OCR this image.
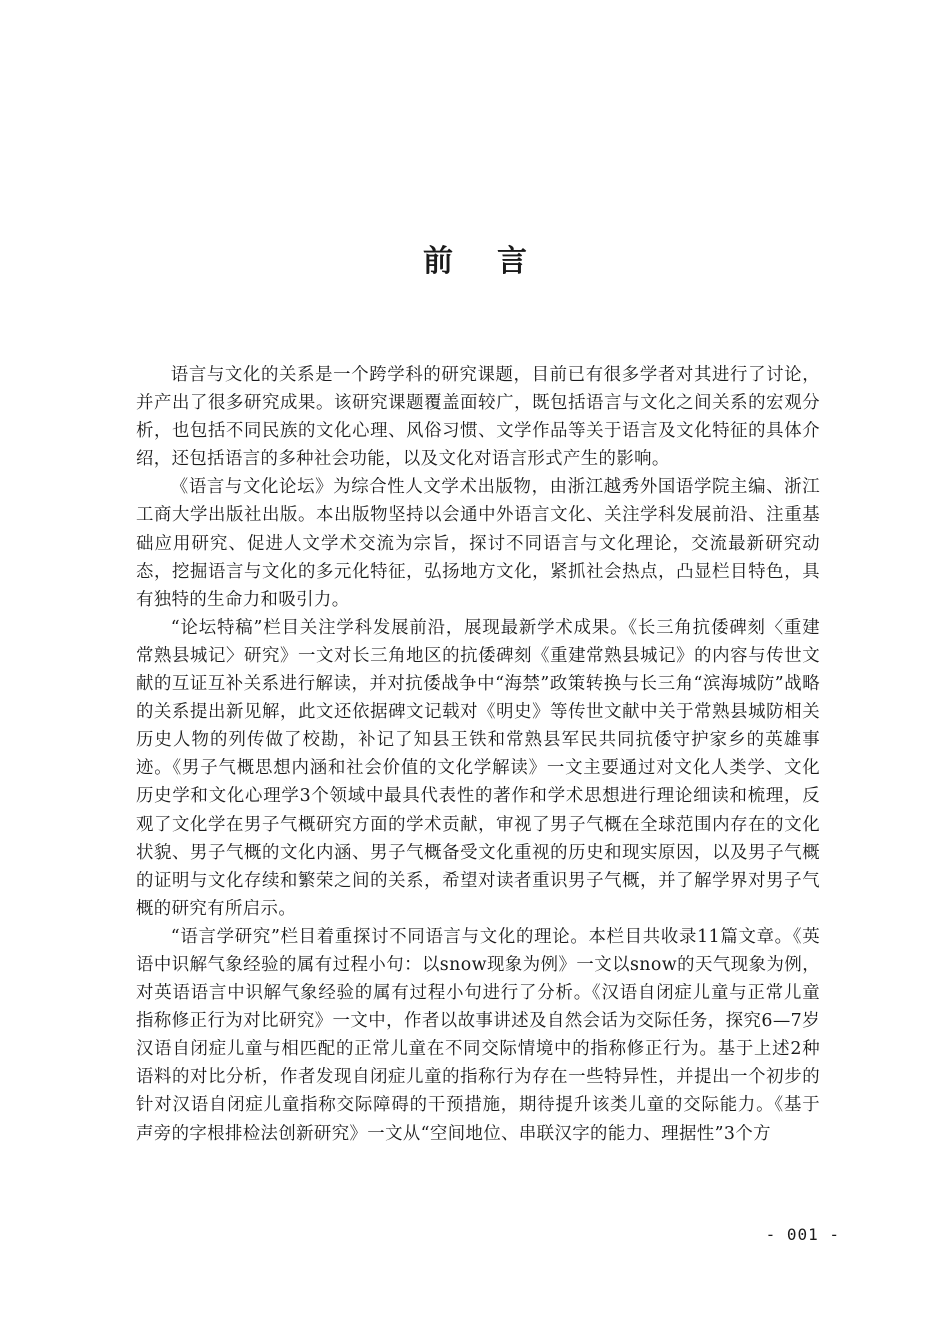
前言

语言与文化的关系是一个跨学科的研究课题，目前已有很多学者对其进行了讨论，并产出了很多研究成果。该研究课题覆盖面较广，既包括语言与文化之间关系的宏观分析，也包括不同民族的文化心理、风俗习惯、文学作品等关于语言及文化特征的具体介绍，还包括语言的多种社会功能，以及文化对语言形式产生的影响。

《语言与文化论坛》为综合性人文学术出版物，由浙江越秀外国语学院主编、浙江工商大学出版社出版。本出版物坚持以会通中外语言文化、关注学科发展前沿、注重基础应用研究、促进人文学术交流为宗旨，探讨不同语言与文化理论，交流最新研究动态，挖掘语言与文化的多元化特征，弘扬地方文化，紧抓社会热点，凸显栏目特色，具有独特的生命力和吸引力。

“论坛特稿”栏目关注学科发展前沿，展现最新学术成果。《长三角抗倭碑刻〈重建常熟县城记〉研究》一文对长三角地区的抗倭碑刻《重建常熟县城记》的内容与传世文献的互证互补关系进行解读，并对抗倭战争中“海禁”政策转换与长三角“滨海城防”战略的关系提出新见解，此文还依据碑文记载对《明史》等传世文献中关于常熟县城防相关历史人物的列传做了校勘，补记了知县王铁和常熟县军民共同抗倭守护家乡的英雄事迹。《男子气概思想内涵和社会价值的文化学解读》一文主要通过对文化人类学、文化历史学和文化心理学3个领域中最具代表性的著作和学术思想进行理论细读和梳理，反观了文化学在男子气概研究方面的学术贡献，审视了男子气概在全球范围内存在的文化状貌、男子气概的文化内涵、男子气概备受文化重视的历史和现实原因，以及男子气概的证明与文化存续和繁荣之间的关系，希望对读者重识男子气概，并了解学界对男子气概的研究有所启示。

“语言学研究”栏目着重探讨不同语言与文化的理论。本栏目共收录11篇文章。《英语中识解气象经验的属有过程小句：以snow现象为例》一文以snow的天气现象为例，对英语语言中识解气象经验的属有过程小句进行了分析。《汉语自闭症儿童与正常儿童指称修正行为对比研究》一文中，作者以故事讲述及自然会话为交际任务，探究6—7岁汉语自闭症儿童与相匹配的正常儿童在不同交际情境中的指称修正行为。基于上述2种语料的对比分析，作者发现自闭症儿童的指称行为存在一些特异性，并提出一个初步的针对汉语自闭症儿童指称交际障碍的干预措施，期待提升该类儿童的交际能力。《基于声旁的字根排检法创新研究》一文从“空间地位、串联汉字的能力、理据性”3个方

- 001 -
